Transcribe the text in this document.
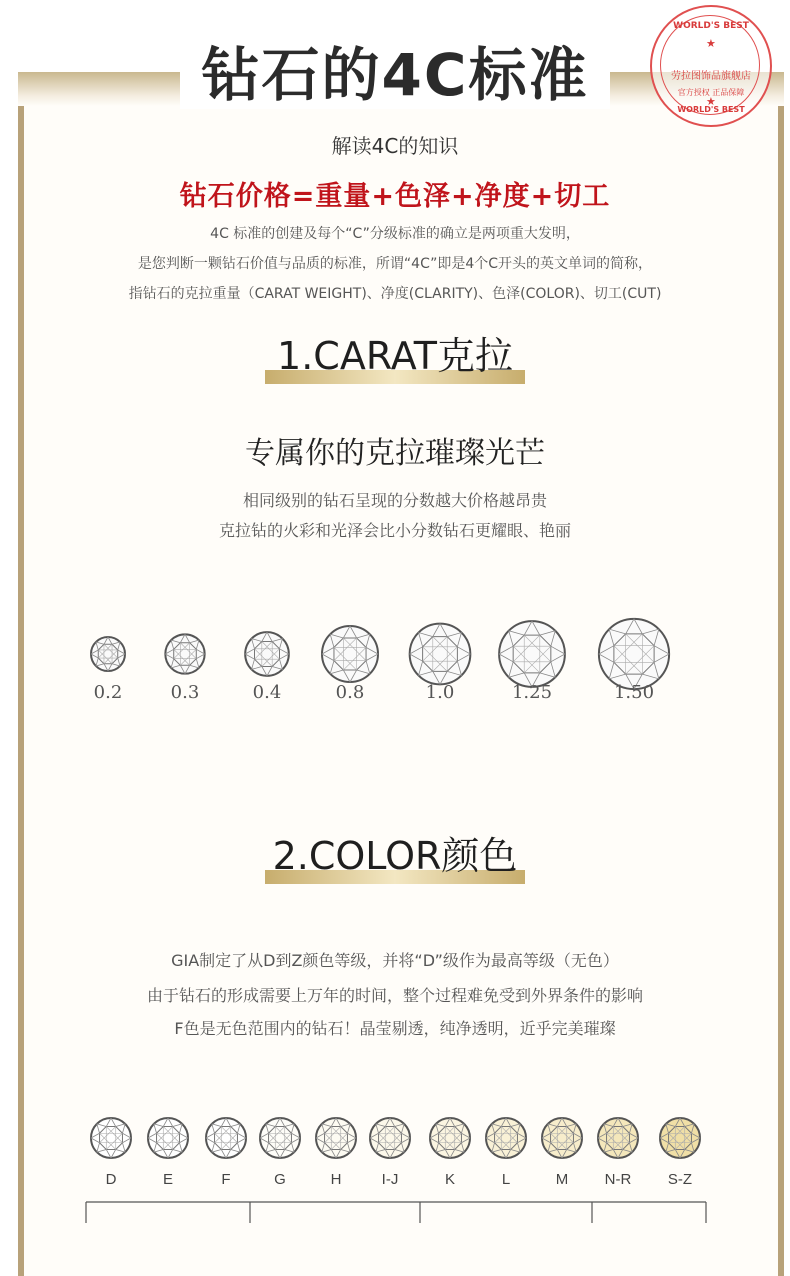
钻石的4C标准
WORLD'S BEST
★
劳拉图饰品旗舰店
官方授权 正品保障
★
WORLD'S BEST
解读4C的知识
钻石价格=重量+色泽+净度+切工
4C 标准的创建及每个“C”分级标准的确立是两项重大发明，
是您判断一颗钻石价值与品质的标准，所谓“4C”即是4个C开头的英文单词的简称，
指钻石的克拉重量（CARAT WEIGHT)、净度(CLARITY)、色泽(COLOR)、切工(CUT)
1.CARAT克拉
专属你的克拉璀璨光芒
相同级别的钻石呈现的分数越大价格越昂贵
克拉钻的火彩和光泽会比小分数钻石更耀眼、艳丽
0.2	0.3	0.4	0.8	1.0	1.25	1.50
2.COLOR颜色
GIA制定了从D到Z颜色等级，并将“D”级作为最高等级（无色）
由于钻石的形成需要上万年的时间，整个过程难免受到外界条件的影响
F色是无色范围内的钻石！晶莹剔透，纯净透明，近乎完美璀璨
D	E	F	G	H	I-J	K	L	M N-R S-Z
